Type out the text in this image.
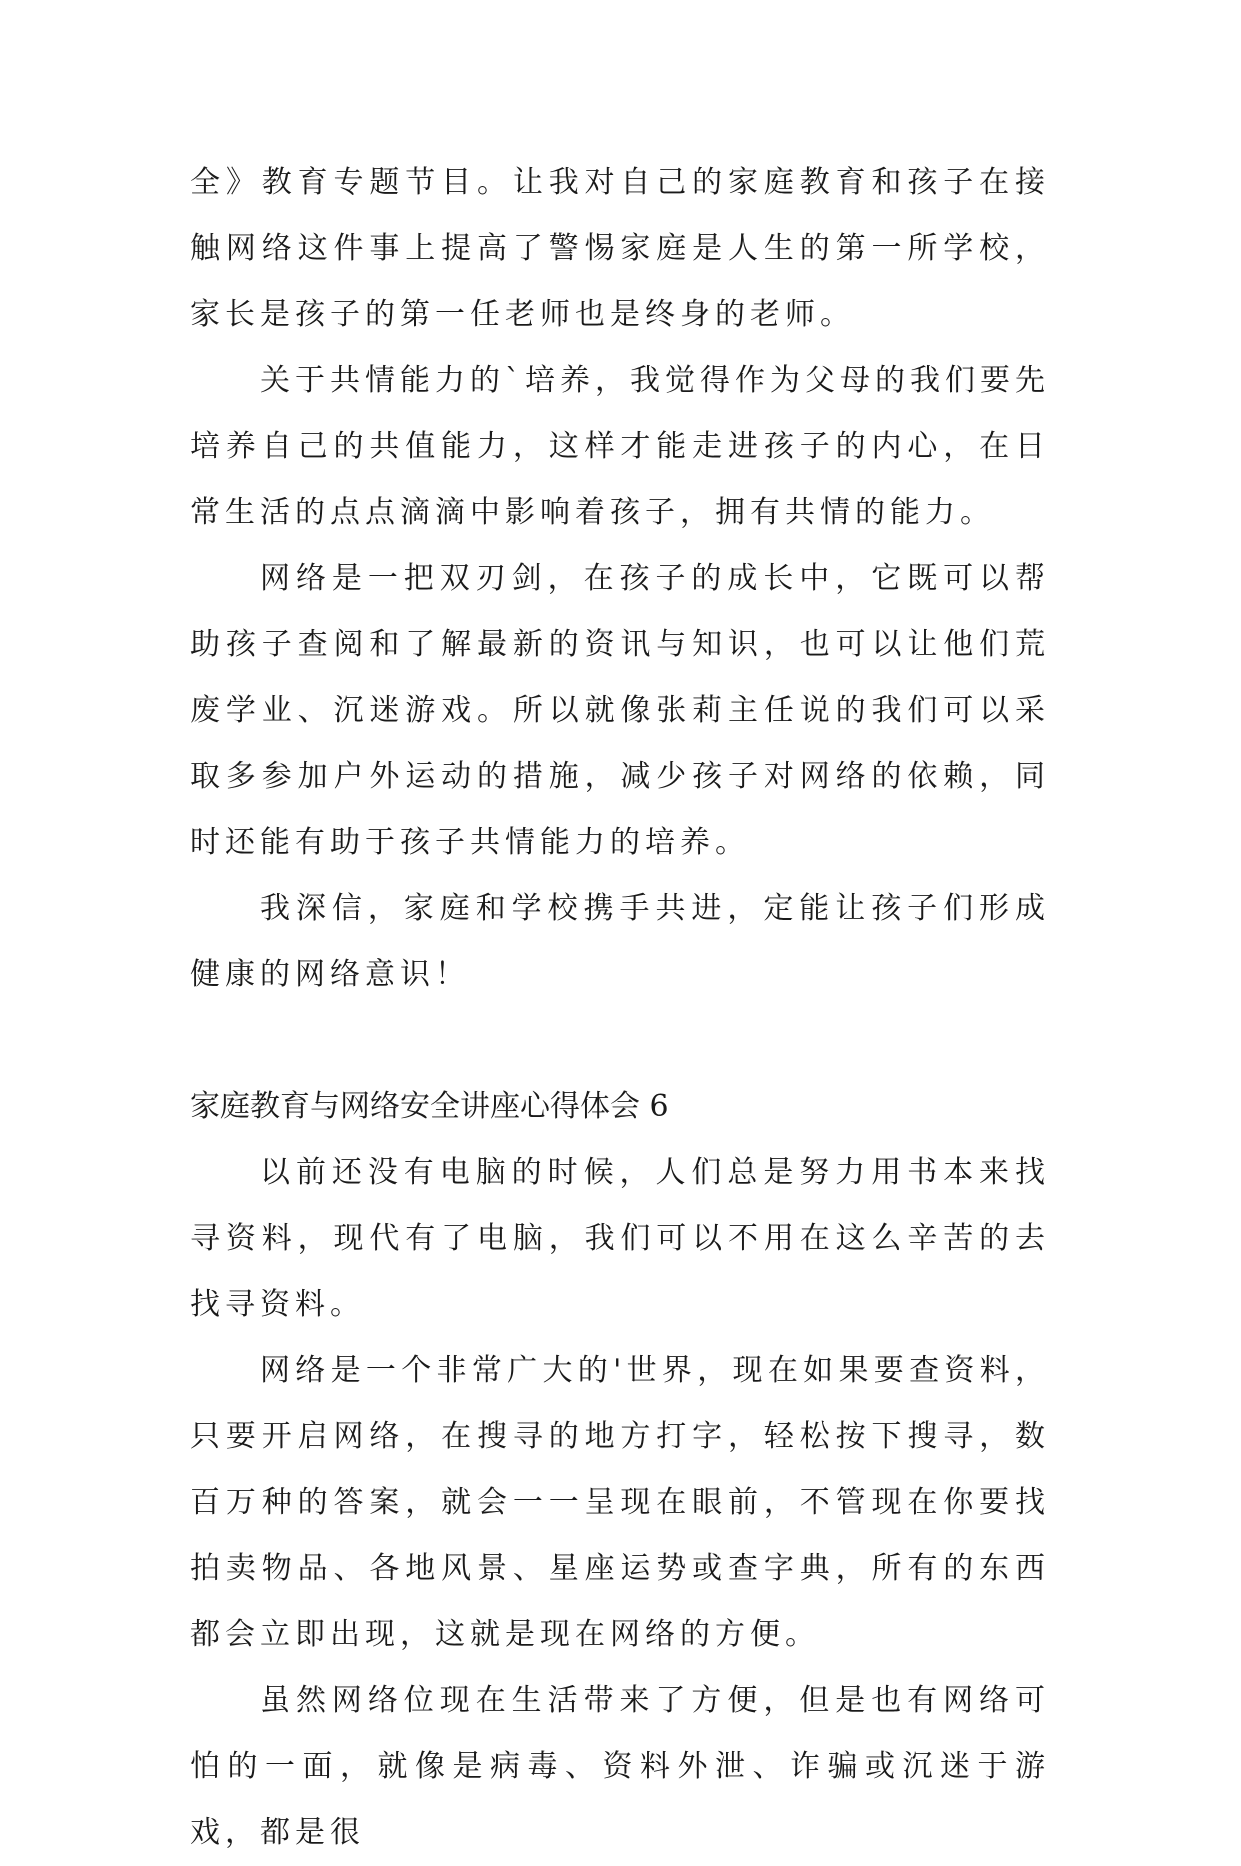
全》教育专题节目。让我对自己的家庭教育和孩子在接触网络这件事上提高了警惕家庭是人生的第一所学校，家长是孩子的第一任老师也是终身的老师。

关于共情能力的`培养，我觉得作为父母的我们要先培养自己的共值能力，这样才能走进孩子的内心，在日常生活的点点滴滴中影响着孩子，拥有共情的能力。

网络是一把双刃剑，在孩子的成长中，它既可以帮助孩子查阅和了解最新的资讯与知识，也可以让他们荒废学业、沉迷游戏。所以就像张莉主任说的我们可以采取多参加户外运动的措施，减少孩子对网络的依赖，同时还能有助于孩子共情能力的培养。

我深信，家庭和学校携手共进，定能让孩子们形成健康的网络意识！

家庭教育与网络安全讲座心得体会 6

以前还没有电脑的时候，人们总是努力用书本来找寻资料，现代有了电脑，我们可以不用在这么辛苦的去找寻资料。

网络是一个非常广大的'世界，现在如果要查资料，只要开启网络，在搜寻的地方打字，轻松按下搜寻，数百万种的答案，就会一一呈现在眼前，不管现在你要找拍卖物品、各地风景、星座运势或查字典，所有的东西都会立即出现，这就是现在网络的方便。

虽然网络位现在生活带来了方便，但是也有网络可怕的一面，就像是病毒、资料外泄、诈骗或沉迷于游戏，都是很
